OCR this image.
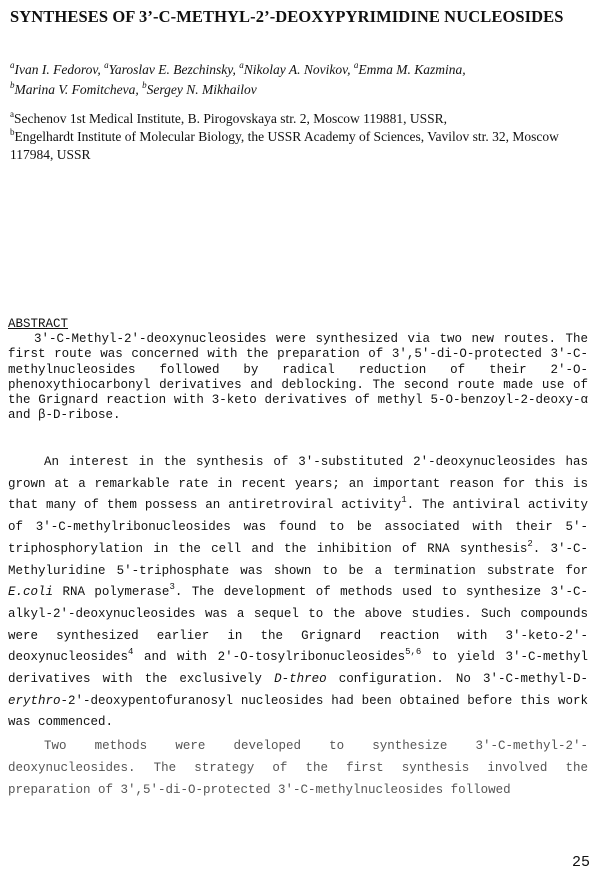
SYNTHESES OF 3’-C-METHYL-2’-DEOXYPYRIMIDINE NUCLEOSIDES
$^a$Ivan I. Fedorov, $^a$Yaroslav E. Bezchinsky, $^a$Nikolay A. Novikov, $^a$Emma M. Kazmina,
$^b$Marina V. Fomitcheva, $^b$Sergey N. Mikhailov
$^a$Sechenov 1st Medical Institute, B. Pirogovskaya str. 2, Moscow 119881, USSR,
$^b$Engelhardt Institute of Molecular Biology, the USSR Academy of Sciences, Vavilov str. 32, Moscow 117984, USSR
ABSTRACT

3'-C-Methyl-2'-deoxynucleosides were synthesized via two new routes. The first route was concerned with the preparation of 3',5'-di-O-protected 3'-C-methylnucleosides followed by radical reduction of their 2'-O-phenoxythiocarbonyl derivatives and deblocking. The second route made use of the Grignard reaction with 3-keto derivatives of methyl 5-O-benzoyl-2-deoxy-α and β-D-ribose.

An interest in the synthesis of 3'-substituted 2'-deoxynucleosides has grown at a remarkable rate in recent years; an important reason for this is that many of them possess an antiretroviral activity$^1$. The antiviral activity of 3'-C-methylribonucleosides was found to be associated with their 5'-triphosphorylation in the cell and the inhibition of RNA synthesis$^2$. 3'-C-Methyluridine 5'-triphosphate was shown to be a termination substrate for E.coli RNA polymerase$^3$. The development of methods used to synthesize 3'-C-alkyl-2'-deoxynucleosides was a sequel to the above studies. Such compounds were synthesized earlier in the Grignard reaction with 3'-keto-2'-deoxynucleosides$^4$ and with 2'-O-tosylribonucleosides$^{5,6}$ to yield 3'-C-methyl derivatives with the exclusively D-threo configuration. No 3'-C-methyl-D-erythro-2'-deoxypentofuranosyl nucleosides had been obtained before this work was commenced.

Two methods were developed to synthesize 3'-C-methyl-2'-deoxynucleosides. The strategy of the first synthesis involved the preparation of 3',5'-di-O-protected 3'-C-methylnucleosides followed

25
